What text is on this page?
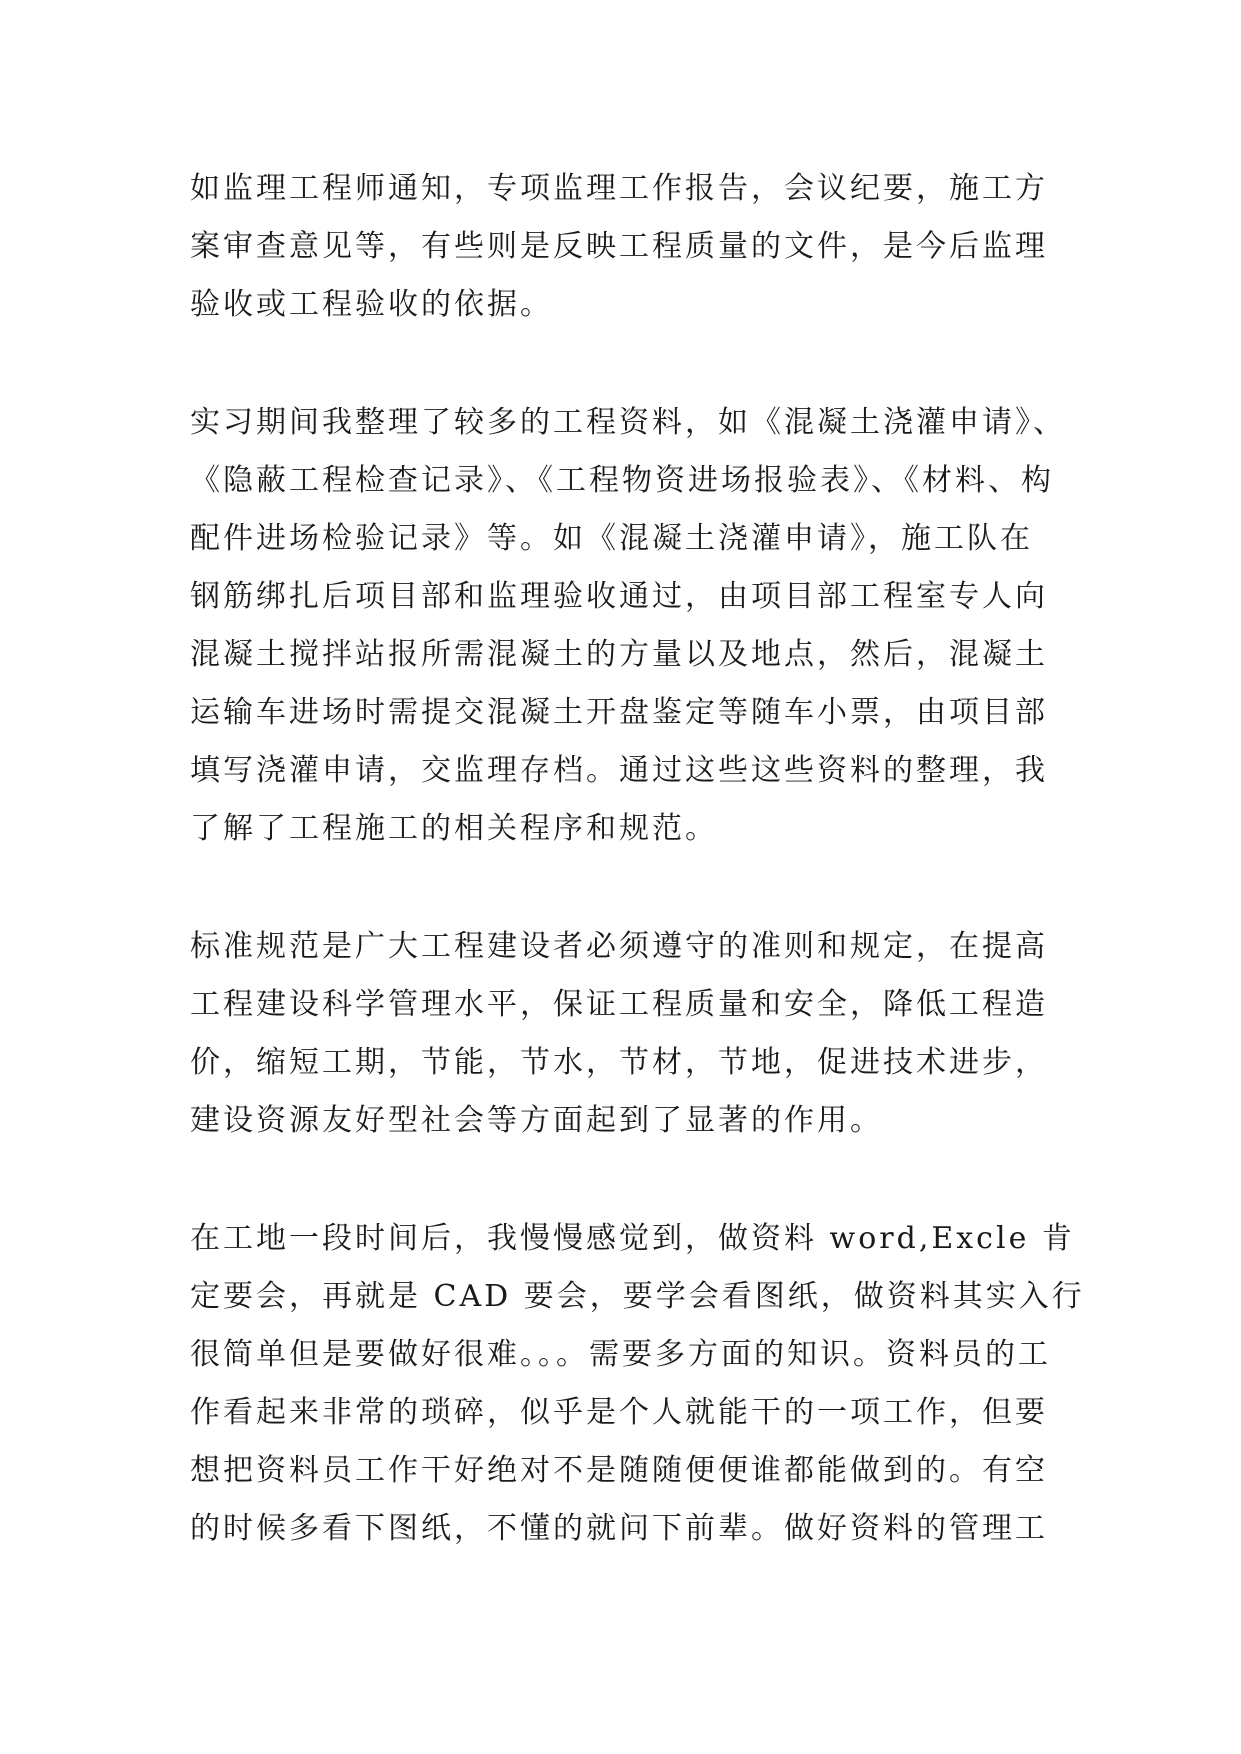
如监理工程师通知，专项监理工作报告，会议纪要，施工方
案审查意见等，有些则是反映工程质量的文件，是今后监理
验收或工程验收的依据。
实习期间我整理了较多的工程资料，如《混凝土浇灌申请》、
《隐蔽工程检查记录》、《工程物资进场报验表》、《材料、构
配件进场检验记录》等。如《混凝土浇灌申请》，施工队在
钢筋绑扎后项目部和监理验收通过，由项目部工程室专人向
混凝土搅拌站报所需混凝土的方量以及地点，然后，混凝土
运输车进场时需提交混凝土开盘鉴定等随车小票，由项目部
填写浇灌申请，交监理存档。通过这些这些资料的整理，我
了解了工程施工的相关程序和规范。
标准规范是广大工程建设者必须遵守的准则和规定，在提高
工程建设科学管理水平，保证工程质量和安全，降低工程造
价，缩短工期，节能，节水，节材，节地，促进技术进步，
建设资源友好型社会等方面起到了显著的作用。
在工地一段时间后，我慢慢感觉到，做资料 word,Excle 肯
定要会，再就是 CAD 要会，要学会看图纸，做资料其实入行
很简单但是要做好很难。。。需要多方面的知识。资料员的工
作看起来非常的琐碎，似乎是个人就能干的一项工作，但要
想把资料员工作干好绝对不是随随便便谁都能做到的。有空
的时候多看下图纸，不懂的就问下前辈。做好资料的管理工
